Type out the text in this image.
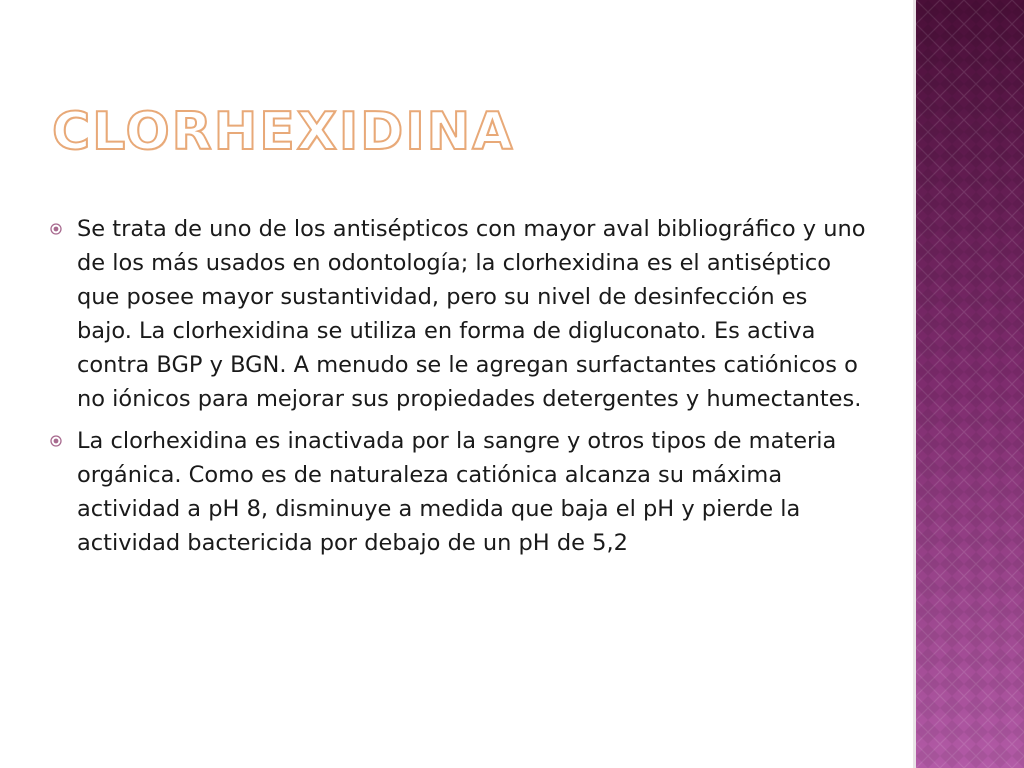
CLORHEXIDINA
Se trata de uno de los antisépticos con mayor aval bibliográfico y uno de los más usados en odontología; la clorhexidina es el antiséptico que posee mayor sustantividad, pero su nivel de desinfección es bajo. La clorhexidina se utiliza en forma de digluconato. Es activa contra BGP y BGN. A menudo se le agregan surfactantes catiónicos o no iónicos para mejorar sus propiedades detergentes y humectantes.
La clorhexidina es inactivada por la sangre y otros tipos de materia orgánica. Como es de naturaleza catiónica alcanza su máxima actividad a pH 8, disminuye a medida que baja el pH y pierde la actividad bactericida por debajo de un pH de 5,2
